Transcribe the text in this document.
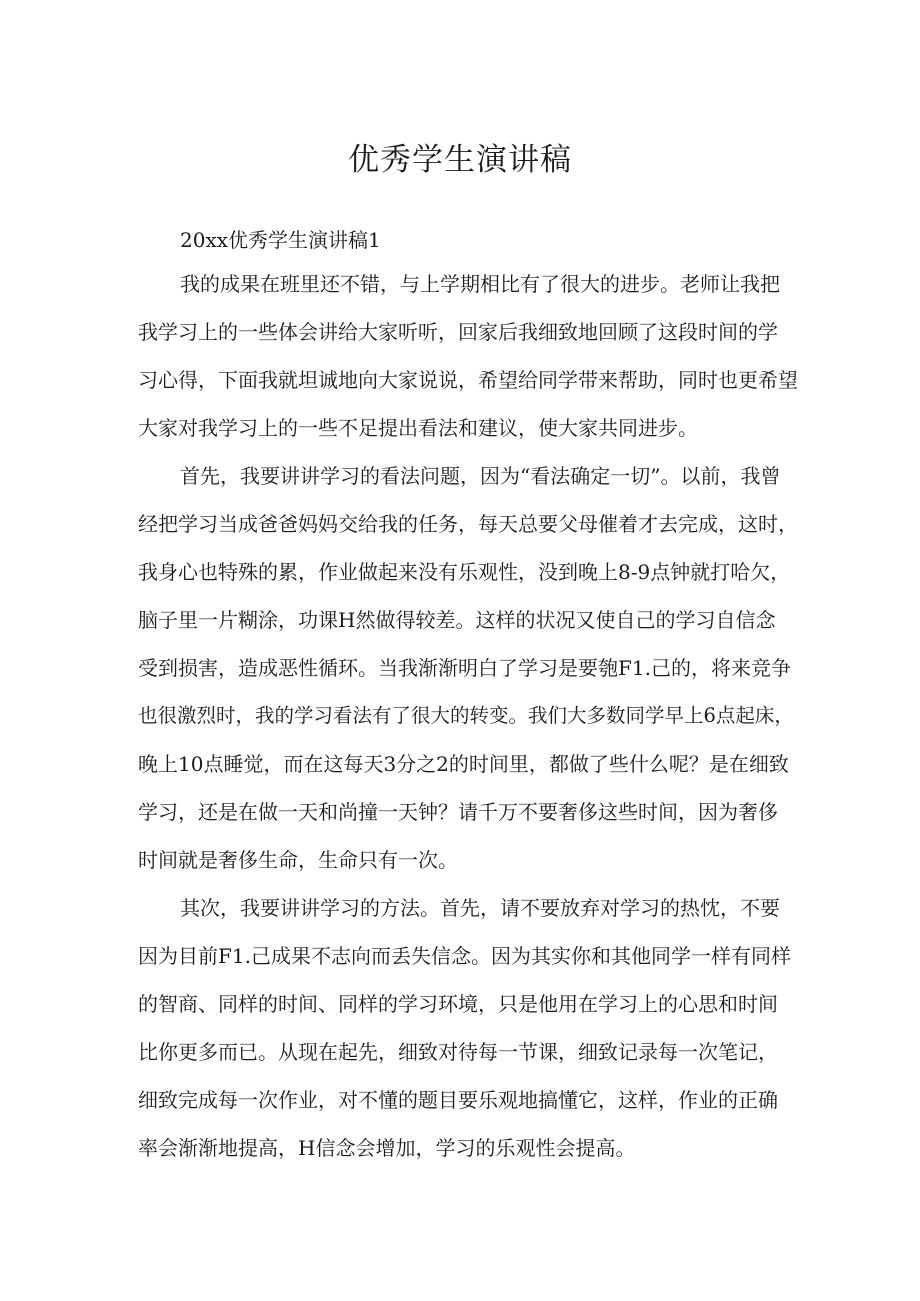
优秀学生演讲稿

20xx优秀学生演讲稿1

我的成果在班里还不错，与上学期相比有了很大的进步。老师让我把

我学习上的一些体会讲给大家听听，回家后我细致地回顾了这段时间的学

习心得，下面我就坦诚地向大家说说，希望给同学带来帮助，同时也更希望

大家对我学习上的一些不足提出看法和建议，使大家共同进步。

首先，我要讲讲学习的看法问题，因为“看法确定一切”。以前，我曾

经把学习当成爸爸妈妈交给我的任务，每天总要父母催着才去完成，这时，

我身心也特殊的累，作业做起来没有乐观性，没到晚上8-9点钟就打哈欠，

脑子里一片糊涂，功课H然做得较差。这样的状况又使自己的学习自信念

受到损害，造成恶性循环。当我渐渐明白了学习是要匏F1.己的，将来竞争

也很激烈时，我的学习看法有了很大的转变。我们大多数同学早上6点起床，

晚上10点睡觉，而在这每天3分之2的时间里，都做了些什么呢？是在细致

学习，还是在做一天和尚撞一天钟？请千万不要奢侈这些时间，因为奢侈

时间就是奢侈生命，生命只有一次。

其次，我要讲讲学习的方法。首先，请不要放弃对学习的热忱，不要

因为目前F1.己成果不志向而丢失信念。因为其实你和其他同学一样有同样

的智商、同样的时间、同样的学习环境，只是他用在学习上的心思和时间

比你更多而已。从现在起先，细致对待每一节课，细致记录每一次笔记，

细致完成每一次作业，对不懂的题目要乐观地搞懂它，这样，作业的正确

率会渐渐地提高，H信念会增加，学习的乐观性会提高。
